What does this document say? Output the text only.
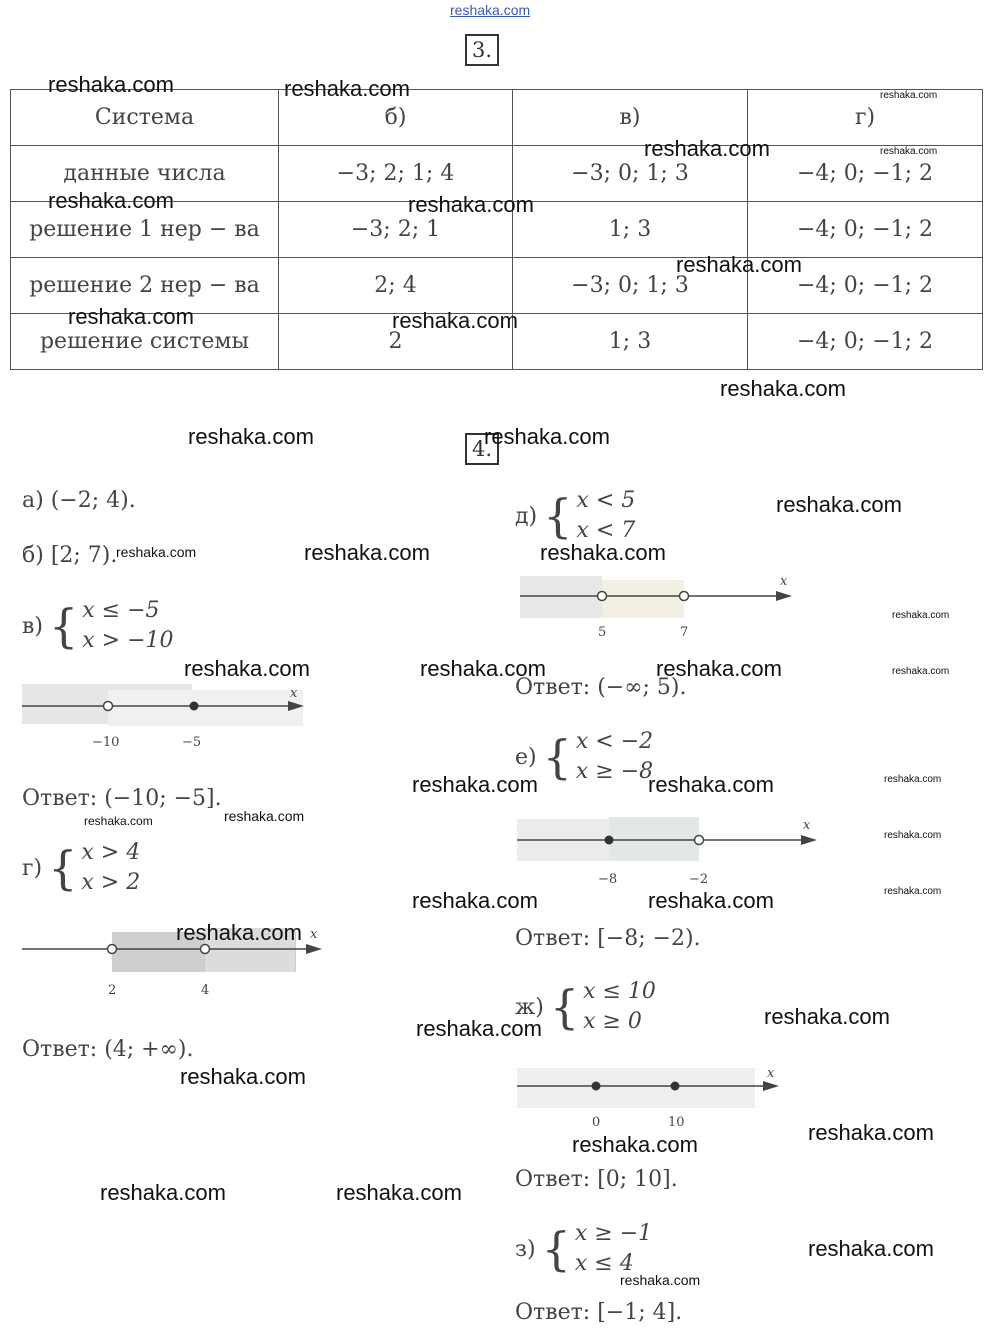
reshaka.com
3.
Система	б)	в)	г)
данные числа	−3; 2; 1; 4	−3; 0; 1; 3	−4; 0; −1; 2
решение 1 нер − ва	−3; 2; 1	1; 3	−4; 0; −1; 2
решение 2 нер − ва	2; 4	−3; 0; 1; 3	−4; 0; −1; 2
решение системы	2	1; 3	−4; 0; −1; 2
4.
а) (−2; 4).
б) [2; 7).
в) { x ≤ −5
x > −10
x
−10	−5
Ответ: (−10; −5].
г) { x > 4
x > 2
x
2	4
Ответ: (4; +∞).
д) { x < 5
x < 7
x
5	7
Ответ: (−∞; 5).
е) { x < −2
x ≥ −8
x
−8	−2
Ответ: [−8; −2).
ж) { x ≤ 10
x ≥ 0
x
0	10
Ответ: [0; 10].
з) { x ≥ −1
x ≤ 4
Ответ: [−1; 4].
reshaka.com	reshaka.com	reshaka.com
reshaka.com	reshaka.com
reshaka.com	reshaka.com
reshaka.com
reshaka.com	reshaka.com
reshaka.com
reshaka.com	reshaka.com
reshaka.com
reshaka.com	reshaka.com	reshaka.com
reshaka.com
reshaka.com	reshaka.com	reshaka.com	reshaka.com
reshaka.com	reshaka.com	reshaka.com
reshaka.com
reshaka.com
reshaka.com
reshaka.com	reshaka.com	reshaka.com
reshaka.com
reshaka.com
reshaka.com
reshaka.com
reshaka.com
reshaka.com
reshaka.com	reshaka.com
reshaka.com
reshaka.com
